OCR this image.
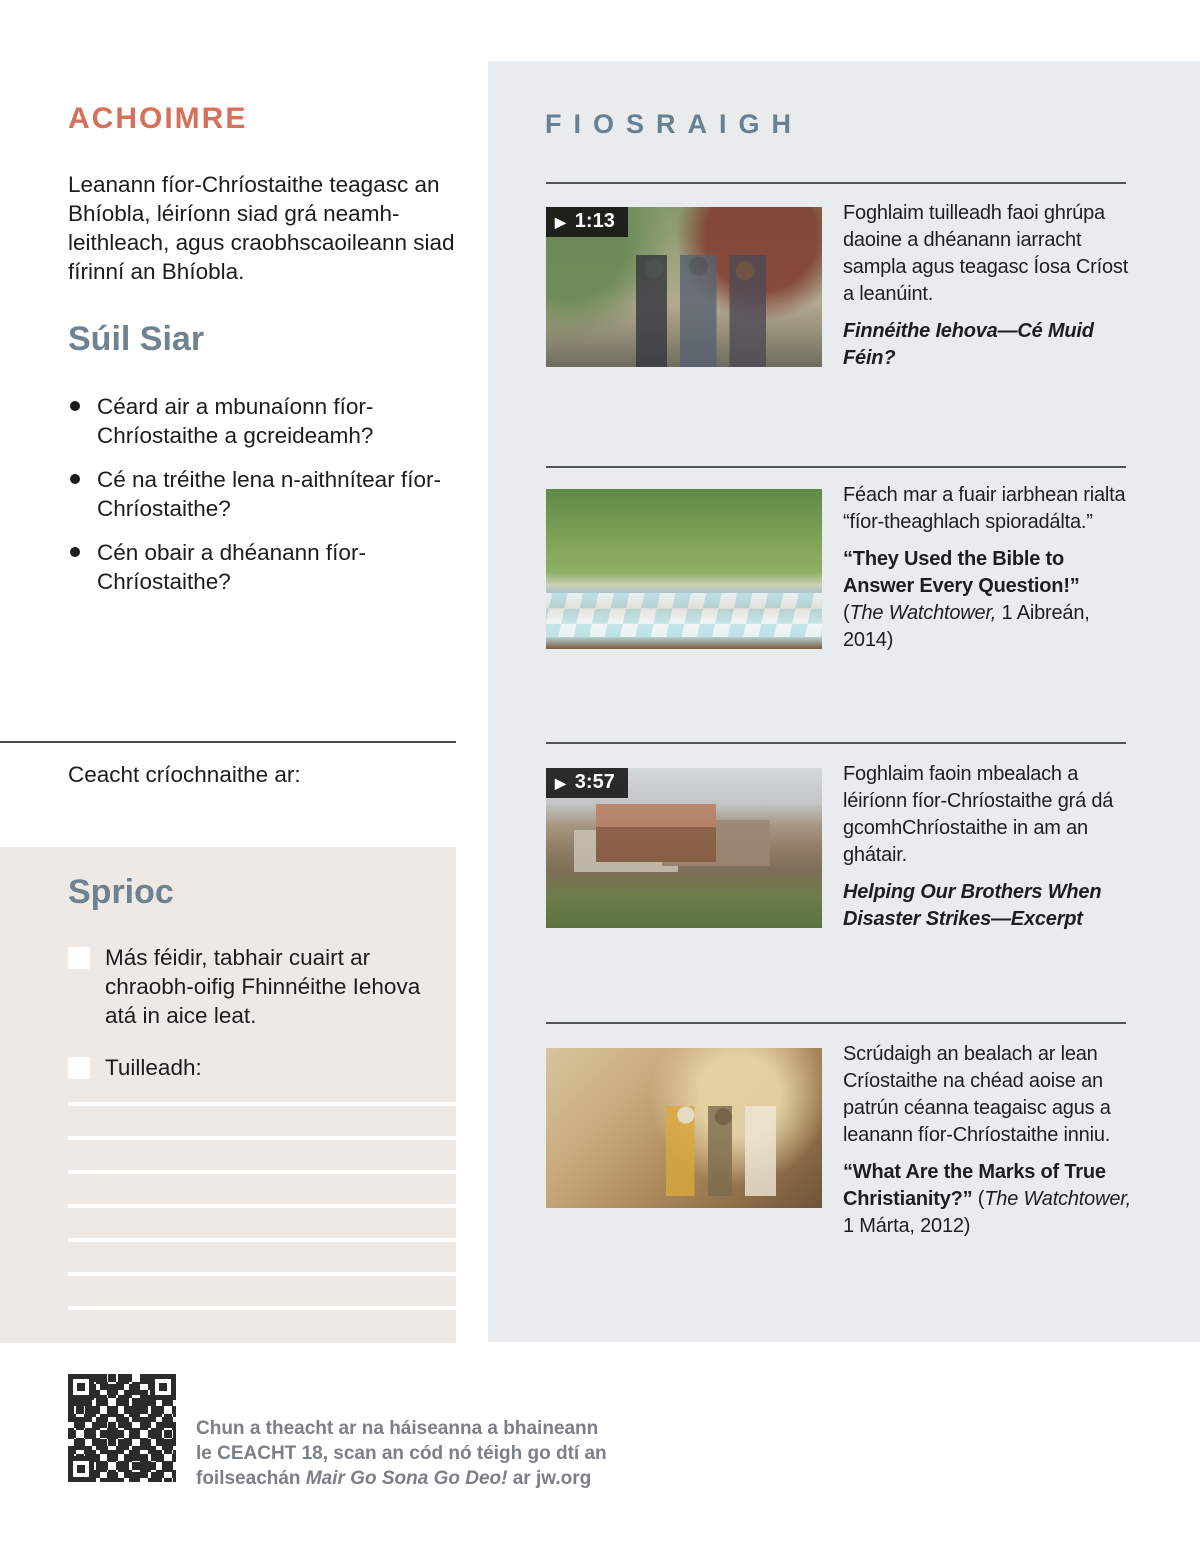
ACHOIMRE

Leanann fíor-Chríostaithe teagasc an Bhíobla, léiríonn siad grá neamh-leithleach, agus craobhscaoileann siad fírinní an Bhíobla.

Súil Siar
Céard air a mbunaíonn fíor-Chríostaithe a gcreideamh?
Cé na tréithe lena n-aithnítear fíor-Chríostaithe?
Cén obair a dhéanann fíor-Chríostaithe?

Ceacht críochnaithe ar:

Sprioc
Más féidir, tabhair cuairt ar chraobh-oifig Fhinnéithe Iehova atá in aice leat.
Tuilleadh:
FIOSRAIGH
▶ 1:13	Foghlaim tuilleadh faoi ghrúpa daoine a dhéanann iarracht sampla agus teagasc Íosa Críost a leanúint.

Finnéithe Iehova—Cé Muid Féin?

Féach mar a fuair iarbhean rialta “fíor-theaghlach spioradálta.”

“They Used the Bible to Answer Every Question!”

(The Watchtower, 1 Aibreán, 2014)

▶ 3:57	Foghlaim faoin mbealach a léiríonn fíor-Chríostaithe grá dá gcomhChríostaithe in am an ghátair.

Helping Our Brothers When Disaster Strikes—Excerpt

Scrúdaigh an bealach ar lean Críostaithe na chéad aoise an patrún céanna teagaisc agus a leanann fíor-Chríostaithe inniu.

“What Are the Marks of True Christianity?” (The Watchtower, 1 Márta, 2012)

Chun a theacht ar na háiseanna a bhaineann
le CEACHT 18, scan an cód nó téigh go dtí an
foilseachán Mair Go Sona Go Deo! ar jw.org
